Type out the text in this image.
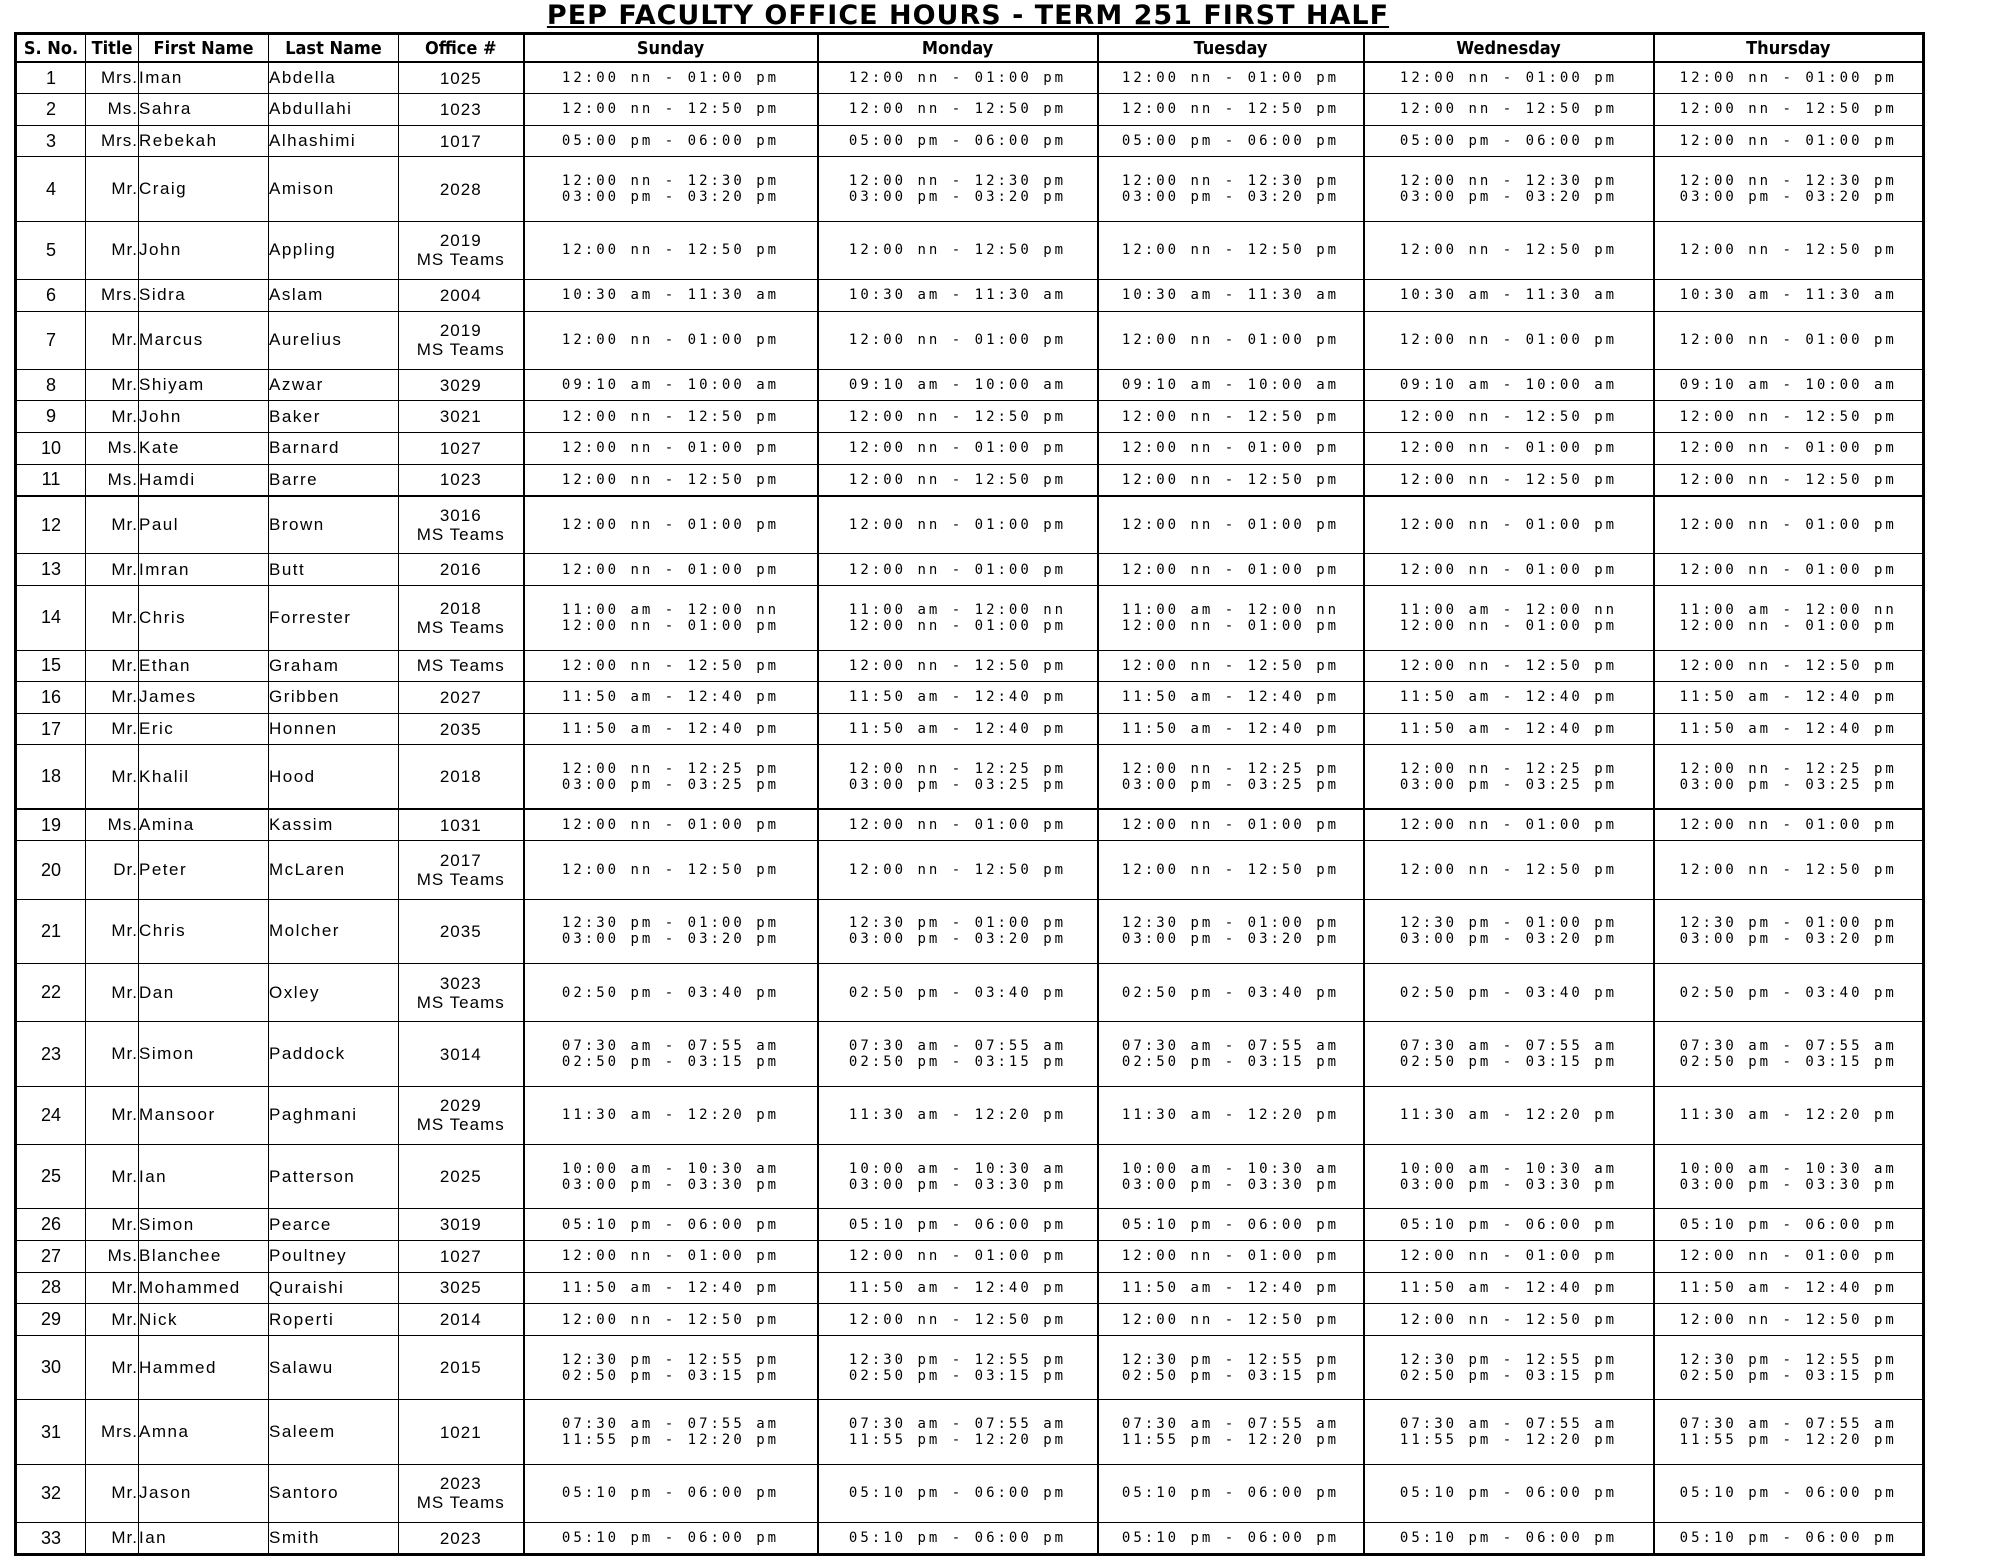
PEP FACULTY OFFICE HOURS - TERM 251 FIRST HALF
S. No.	Title	First Name	Last Name	Office #	Sunday	Monday	Tuesday	Wednesday	Thursday
1	Mrs.	Iman	Abdella	1025	12:00 nn - 01:00 pm	12:00 nn - 01:00 pm	12:00 nn - 01:00 pm	12:00 nn - 01:00 pm	12:00 nn - 01:00 pm

2	Ms.	Sahra	Abdullahi	1023	12:00 nn - 12:50 pm	12:00 nn - 12:50 pm	12:00 nn - 12:50 pm	12:00 nn - 12:50 pm	12:00 nn - 12:50 pm

3	Mrs.	Rebekah	Alhashimi	1017	05:00 pm - 06:00 pm	05:00 pm - 06:00 pm	05:00 pm - 06:00 pm	05:00 pm - 06:00 pm	12:00 nn - 01:00 pm

4	Mr.	Craig	Amison	2028	12:00 nn - 12:30 pm
03:00 pm - 03:20 pm	12:00 nn - 12:30 pm
03:00 pm - 03:20 pm	12:00 nn - 12:30 pm
03:00 pm - 03:20 pm	12:00 nn - 12:30 pm
03:00 pm - 03:20 pm	12:00 nn - 12:30 pm
03:00 pm - 03:20 pm

5	Mr.	John	Appling	2019
MS Teams	12:00 nn - 12:50 pm	12:00 nn - 12:50 pm	12:00 nn - 12:50 pm	12:00 nn - 12:50 pm	12:00 nn - 12:50 pm

6	Mrs.	Sidra	Aslam	2004	10:30 am - 11:30 am	10:30 am - 11:30 am	10:30 am - 11:30 am	10:30 am - 11:30 am	10:30 am - 11:30 am

7	Mr.	Marcus	Aurelius	2019
MS Teams	12:00 nn - 01:00 pm	12:00 nn - 01:00 pm	12:00 nn - 01:00 pm	12:00 nn - 01:00 pm	12:00 nn - 01:00 pm

8	Mr.	Shiyam	Azwar	3029	09:10 am - 10:00 am	09:10 am - 10:00 am	09:10 am - 10:00 am	09:10 am - 10:00 am	09:10 am - 10:00 am

9	Mr.	John	Baker	3021	12:00 nn - 12:50 pm	12:00 nn - 12:50 pm	12:00 nn - 12:50 pm	12:00 nn - 12:50 pm	12:00 nn - 12:50 pm

10	Ms.	Kate	Barnard	1027	12:00 nn - 01:00 pm	12:00 nn - 01:00 pm	12:00 nn - 01:00 pm	12:00 nn - 01:00 pm	12:00 nn - 01:00 pm

11	Ms.	Hamdi	Barre	1023	12:00 nn - 12:50 pm	12:00 nn - 12:50 pm	12:00 nn - 12:50 pm	12:00 nn - 12:50 pm	12:00 nn - 12:50 pm

12	Mr.	Paul	Brown	3016
MS Teams	12:00 nn - 01:00 pm	12:00 nn - 01:00 pm	12:00 nn - 01:00 pm	12:00 nn - 01:00 pm	12:00 nn - 01:00 pm

13	Mr.	Imran	Butt	2016	12:00 nn - 01:00 pm	12:00 nn - 01:00 pm	12:00 nn - 01:00 pm	12:00 nn - 01:00 pm	12:00 nn - 01:00 pm

14	Mr.	Chris	Forrester	2018
MS Teams	11:00 am - 12:00 nn
12:00 nn - 01:00 pm	11:00 am - 12:00 nn
12:00 nn - 01:00 pm	11:00 am - 12:00 nn
12:00 nn - 01:00 pm	11:00 am - 12:00 nn
12:00 nn - 01:00 pm	11:00 am - 12:00 nn
12:00 nn - 01:00 pm

15	Mr.	Ethan	Graham	MS Teams	12:00 nn - 12:50 pm	12:00 nn - 12:50 pm	12:00 nn - 12:50 pm	12:00 nn - 12:50 pm	12:00 nn - 12:50 pm

16	Mr.	James	Gribben	2027	11:50 am - 12:40 pm	11:50 am - 12:40 pm	11:50 am - 12:40 pm	11:50 am - 12:40 pm	11:50 am - 12:40 pm

17	Mr.	Eric	Honnen	2035	11:50 am - 12:40 pm	11:50 am - 12:40 pm	11:50 am - 12:40 pm	11:50 am - 12:40 pm	11:50 am - 12:40 pm

18	Mr.	Khalil	Hood	2018	12:00 nn - 12:25 pm
03:00 pm - 03:25 pm	12:00 nn - 12:25 pm
03:00 pm - 03:25 pm	12:00 nn - 12:25 pm
03:00 pm - 03:25 pm	12:00 nn - 12:25 pm
03:00 pm - 03:25 pm	12:00 nn - 12:25 pm
03:00 pm - 03:25 pm

19	Ms.	Amina	Kassim	1031	12:00 nn - 01:00 pm	12:00 nn - 01:00 pm	12:00 nn - 01:00 pm	12:00 nn - 01:00 pm	12:00 nn - 01:00 pm

20	Dr.	Peter	McLaren	2017
MS Teams	12:00 nn - 12:50 pm	12:00 nn - 12:50 pm	12:00 nn - 12:50 pm	12:00 nn - 12:50 pm	12:00 nn - 12:50 pm

21	Mr.	Chris	Molcher	2035	12:30 pm - 01:00 pm
03:00 pm - 03:20 pm	12:30 pm - 01:00 pm
03:00 pm - 03:20 pm	12:30 pm - 01:00 pm
03:00 pm - 03:20 pm	12:30 pm - 01:00 pm
03:00 pm - 03:20 pm	12:30 pm - 01:00 pm
03:00 pm - 03:20 pm

22	Mr.	Dan	Oxley	3023
MS Teams	02:50 pm - 03:40 pm	02:50 pm - 03:40 pm	02:50 pm - 03:40 pm	02:50 pm - 03:40 pm	02:50 pm - 03:40 pm

23	Mr.	Simon	Paddock	3014	07:30 am - 07:55 am
02:50 pm - 03:15 pm	07:30 am - 07:55 am
02:50 pm - 03:15 pm	07:30 am - 07:55 am
02:50 pm - 03:15 pm	07:30 am - 07:55 am
02:50 pm - 03:15 pm	07:30 am - 07:55 am
02:50 pm - 03:15 pm

24	Mr.	Mansoor	Paghmani	2029
MS Teams	11:30 am - 12:20 pm	11:30 am - 12:20 pm	11:30 am - 12:20 pm	11:30 am - 12:20 pm	11:30 am - 12:20 pm

25	Mr.	Ian	Patterson	2025	10:00 am - 10:30 am
03:00 pm - 03:30 pm	10:00 am - 10:30 am
03:00 pm - 03:30 pm	10:00 am - 10:30 am
03:00 pm - 03:30 pm	10:00 am - 10:30 am
03:00 pm - 03:30 pm	10:00 am - 10:30 am
03:00 pm - 03:30 pm

26	Mr.	Simon	Pearce	3019	05:10 pm - 06:00 pm	05:10 pm - 06:00 pm	05:10 pm - 06:00 pm	05:10 pm - 06:00 pm	05:10 pm - 06:00 pm

27	Ms.	Blanchee	Poultney	1027	12:00 nn - 01:00 pm	12:00 nn - 01:00 pm	12:00 nn - 01:00 pm	12:00 nn - 01:00 pm	12:00 nn - 01:00 pm

28	Mr.	Mohammed	Quraishi	3025	11:50 am - 12:40 pm	11:50 am - 12:40 pm	11:50 am - 12:40 pm	11:50 am - 12:40 pm	11:50 am - 12:40 pm

29	Mr.	Nick	Roperti	2014	12:00 nn - 12:50 pm	12:00 nn - 12:50 pm	12:00 nn - 12:50 pm	12:00 nn - 12:50 pm	12:00 nn - 12:50 pm

30	Mr.	Hammed	Salawu	2015	12:30 pm - 12:55 pm
02:50 pm - 03:15 pm	12:30 pm - 12:55 pm
02:50 pm - 03:15 pm	12:30 pm - 12:55 pm
02:50 pm - 03:15 pm	12:30 pm - 12:55 pm
02:50 pm - 03:15 pm	12:30 pm - 12:55 pm
02:50 pm - 03:15 pm

31	Mrs.	Amna	Saleem	1021	07:30 am - 07:55 am
11:55 pm - 12:20 pm	07:30 am - 07:55 am
11:55 pm - 12:20 pm	07:30 am - 07:55 am
11:55 pm - 12:20 pm	07:30 am - 07:55 am
11:55 pm - 12:20 pm	07:30 am - 07:55 am
11:55 pm - 12:20 pm

32	Mr.	Jason	Santoro	2023
MS Teams	05:10 pm - 06:00 pm	05:10 pm - 06:00 pm	05:10 pm - 06:00 pm	05:10 pm - 06:00 pm	05:10 pm - 06:00 pm

33	Mr.	Ian	Smith	2023	05:10 pm - 06:00 pm	05:10 pm - 06:00 pm	05:10 pm - 06:00 pm	05:10 pm - 06:00 pm	05:10 pm - 06:00 pm
